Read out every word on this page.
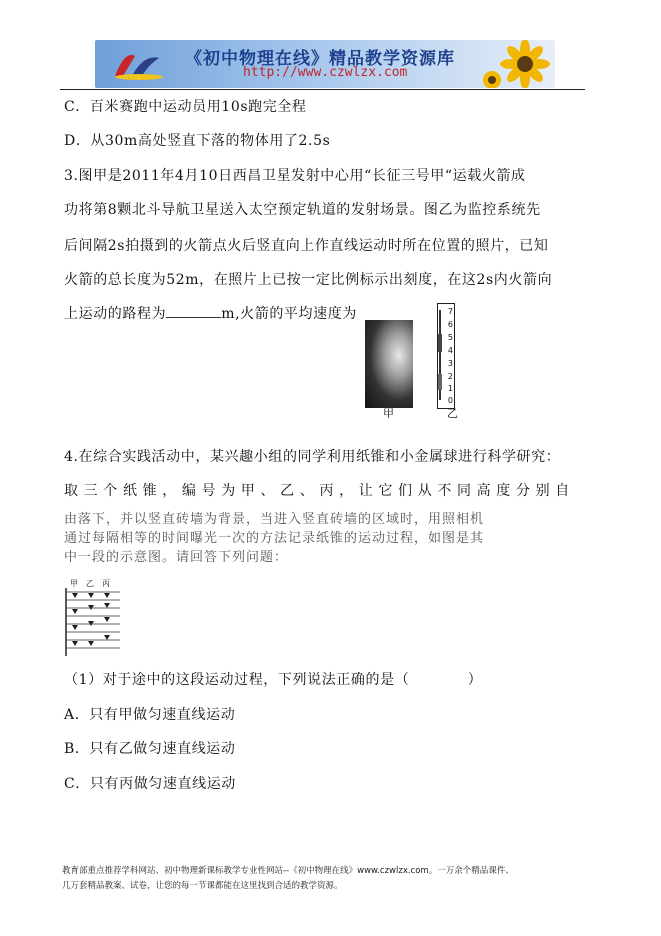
《初中物理在线》精品教学资源库
http://www.czwlzx.com
C．百米赛跑中运动员用10s跑完全程
D．从30m高处竖直下落的物体用了2.5s
3.图甲是2011年4月10日西昌卫星发射中心用“长征三号甲“运载火箭成
功将第8颗北斗导航卫星送入太空预定轨道的发射场景。图乙为监控系统先
后间隔2s拍摄到的火箭点火后竖直向上作直线运动时所在位置的照片，已知
火箭的总长度为52m，在照片上已按一定比例标示出刻度，在这2s内火箭向
上运动的路程为	m,火箭的平均速度为
甲
7
6
5
4
3
2
1
0
乙
4.在综合实践活动中，某兴趣小组的同学利用纸锥和小金属球进行科学研究：
取 三 个 纸 锥 ， 编 号 为 甲 、 乙 、 丙 ， 让 它 们 从 不 同 高 度 分 别 自
由落下，并以竖直砖墙为背景，当进入竖直砖墙的区域时，用照相机
通过每隔相等的时间曝光一次的方法记录纸锥的运动过程，如图是其
中一段的示意图。请回答下列问题：
甲 乙 丙
（1）对于途中的这段运动过程，下列说法正确的是（　　　　）
A．只有甲做匀速直线运动
B．只有乙做匀速直线运动
C．只有丙做匀速直线运动
教育部重点推荐学科网站、初中物理新课标教学专业性网站--《初中物理在线》www.czwlzx.com。一万余个精品课件、
几万套精品教案、试卷，让您的每一节课都能在这里找到合适的教学资源。
